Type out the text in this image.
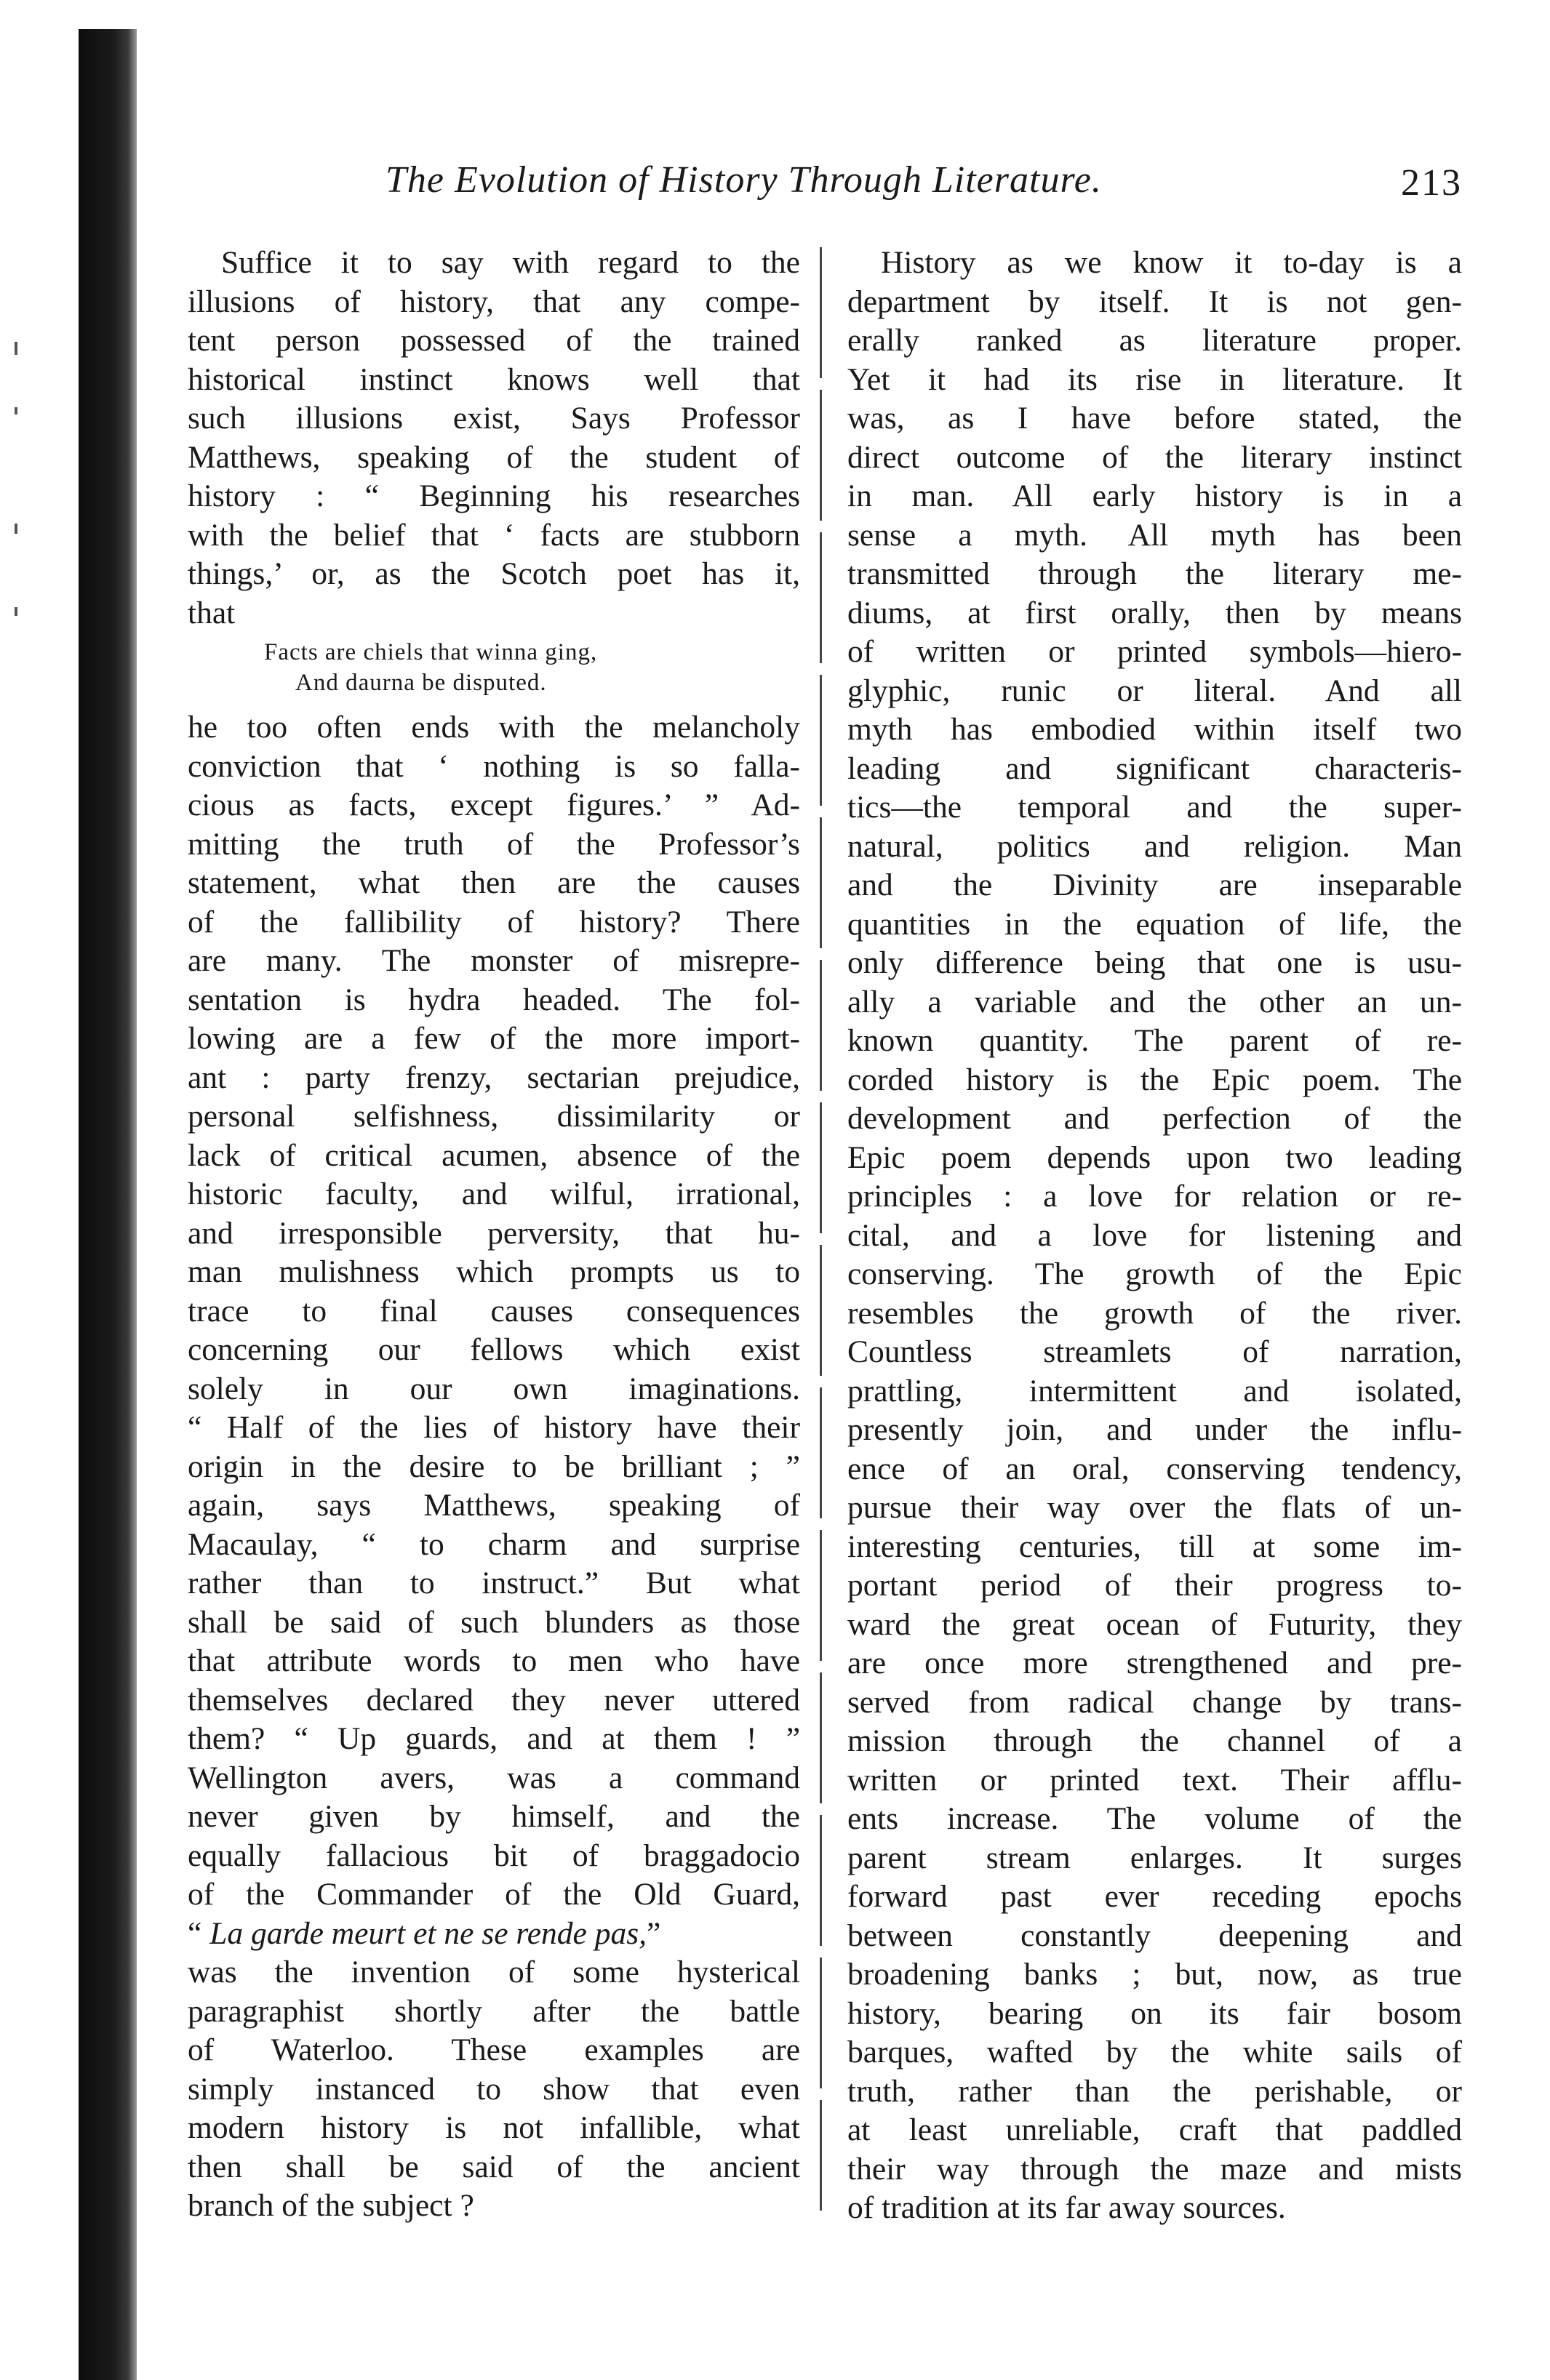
The Evolution of History Through Literature.	213
Suffice it to say with regard to the
illusions of history, that any compe-
tent person possessed of the trained
historical instinct knows well that
such illusions exist, Says Professor
Matthews, speaking of the student of
history : “ Beginning his researches
with the belief that ‘ facts are stubborn
things,’ or, as the Scotch poet has it,
that
Facts are chiels that winna ging,
And daurna be disputed.
he too often ends with the melancholy
conviction that ‘ nothing is so falla-
cious as facts, except figures.’ ” Ad-
mitting the truth of the Professor’s
statement, what then are the causes
of the fallibility of history? There
are many. The monster of misrepre-
sentation is hydra headed. The fol-
lowing are a few of the more import-
ant : party frenzy, sectarian prejudice,
personal selfishness, dissimilarity or
lack of critical acumen, absence of the
historic faculty, and wilful, irrational,
and irresponsible perversity, that hu-
man mulishness which prompts us to
trace to final causes consequences
concerning our fellows which exist
solely in our own imaginations.
“ Half of the lies of history have their
origin in the desire to be brilliant ; ”
again, says Matthews, speaking of
Macaulay, “ to charm and surprise
rather than to instruct.” But what
shall be said of such blunders as those
that attribute words to men who have
themselves declared they never uttered
them? “ Up guards, and at them ! ”
Wellington avers, was a command
never given by himself, and the
equally fallacious bit of braggadocio
of the Commander of the Old Guard,
“ La garde meurt et ne se rende pas,”
was the invention of some hysterical
paragraphist shortly after the battle
of Waterloo. These examples are
simply instanced to show that even
modern history is not infallible, what
then shall be said of the ancient
branch of the subject ?
History as we know it to-day is a
department by itself. It is not gen-
erally ranked as literature proper.
Yet it had its rise in literature. It
was, as I have before stated, the
direct outcome of the literary instinct
in man. All early history is in a
sense a myth. All myth has been
transmitted through the literary me-
diums, at first orally, then by means
of written or printed symbols—hiero-
glyphic, runic or literal. And all
myth has embodied within itself two
leading and significant characteris-
tics—the temporal and the super-
natural, politics and religion. Man
and the Divinity are inseparable
quantities in the equation of life, the
only difference being that one is usu-
ally a variable and the other an un-
known quantity. The parent of re-
corded history is the Epic poem. The
development and perfection of the
Epic poem depends upon two leading
principles : a love for relation or re-
cital, and a love for listening and
conserving. The growth of the Epic
resembles the growth of the river.
Countless streamlets of narration,
prattling, intermittent and isolated,
presently join, and under the influ-
ence of an oral, conserving tendency,
pursue their way over the flats of un-
interesting centuries, till at some im-
portant period of their progress to-
ward the great ocean of Futurity, they
are once more strengthened and pre-
served from radical change by trans-
mission through the channel of a
written or printed text. Their afflu-
ents increase. The volume of the
parent stream enlarges. It surges
forward past ever receding epochs
between constantly deepening and
broadening banks ; but, now, as true
history, bearing on its fair bosom
barques, wafted by the white sails of
truth, rather than the perishable, or
at least unreliable, craft that paddled
their way through the maze and mists
of tradition at its far away sources.
